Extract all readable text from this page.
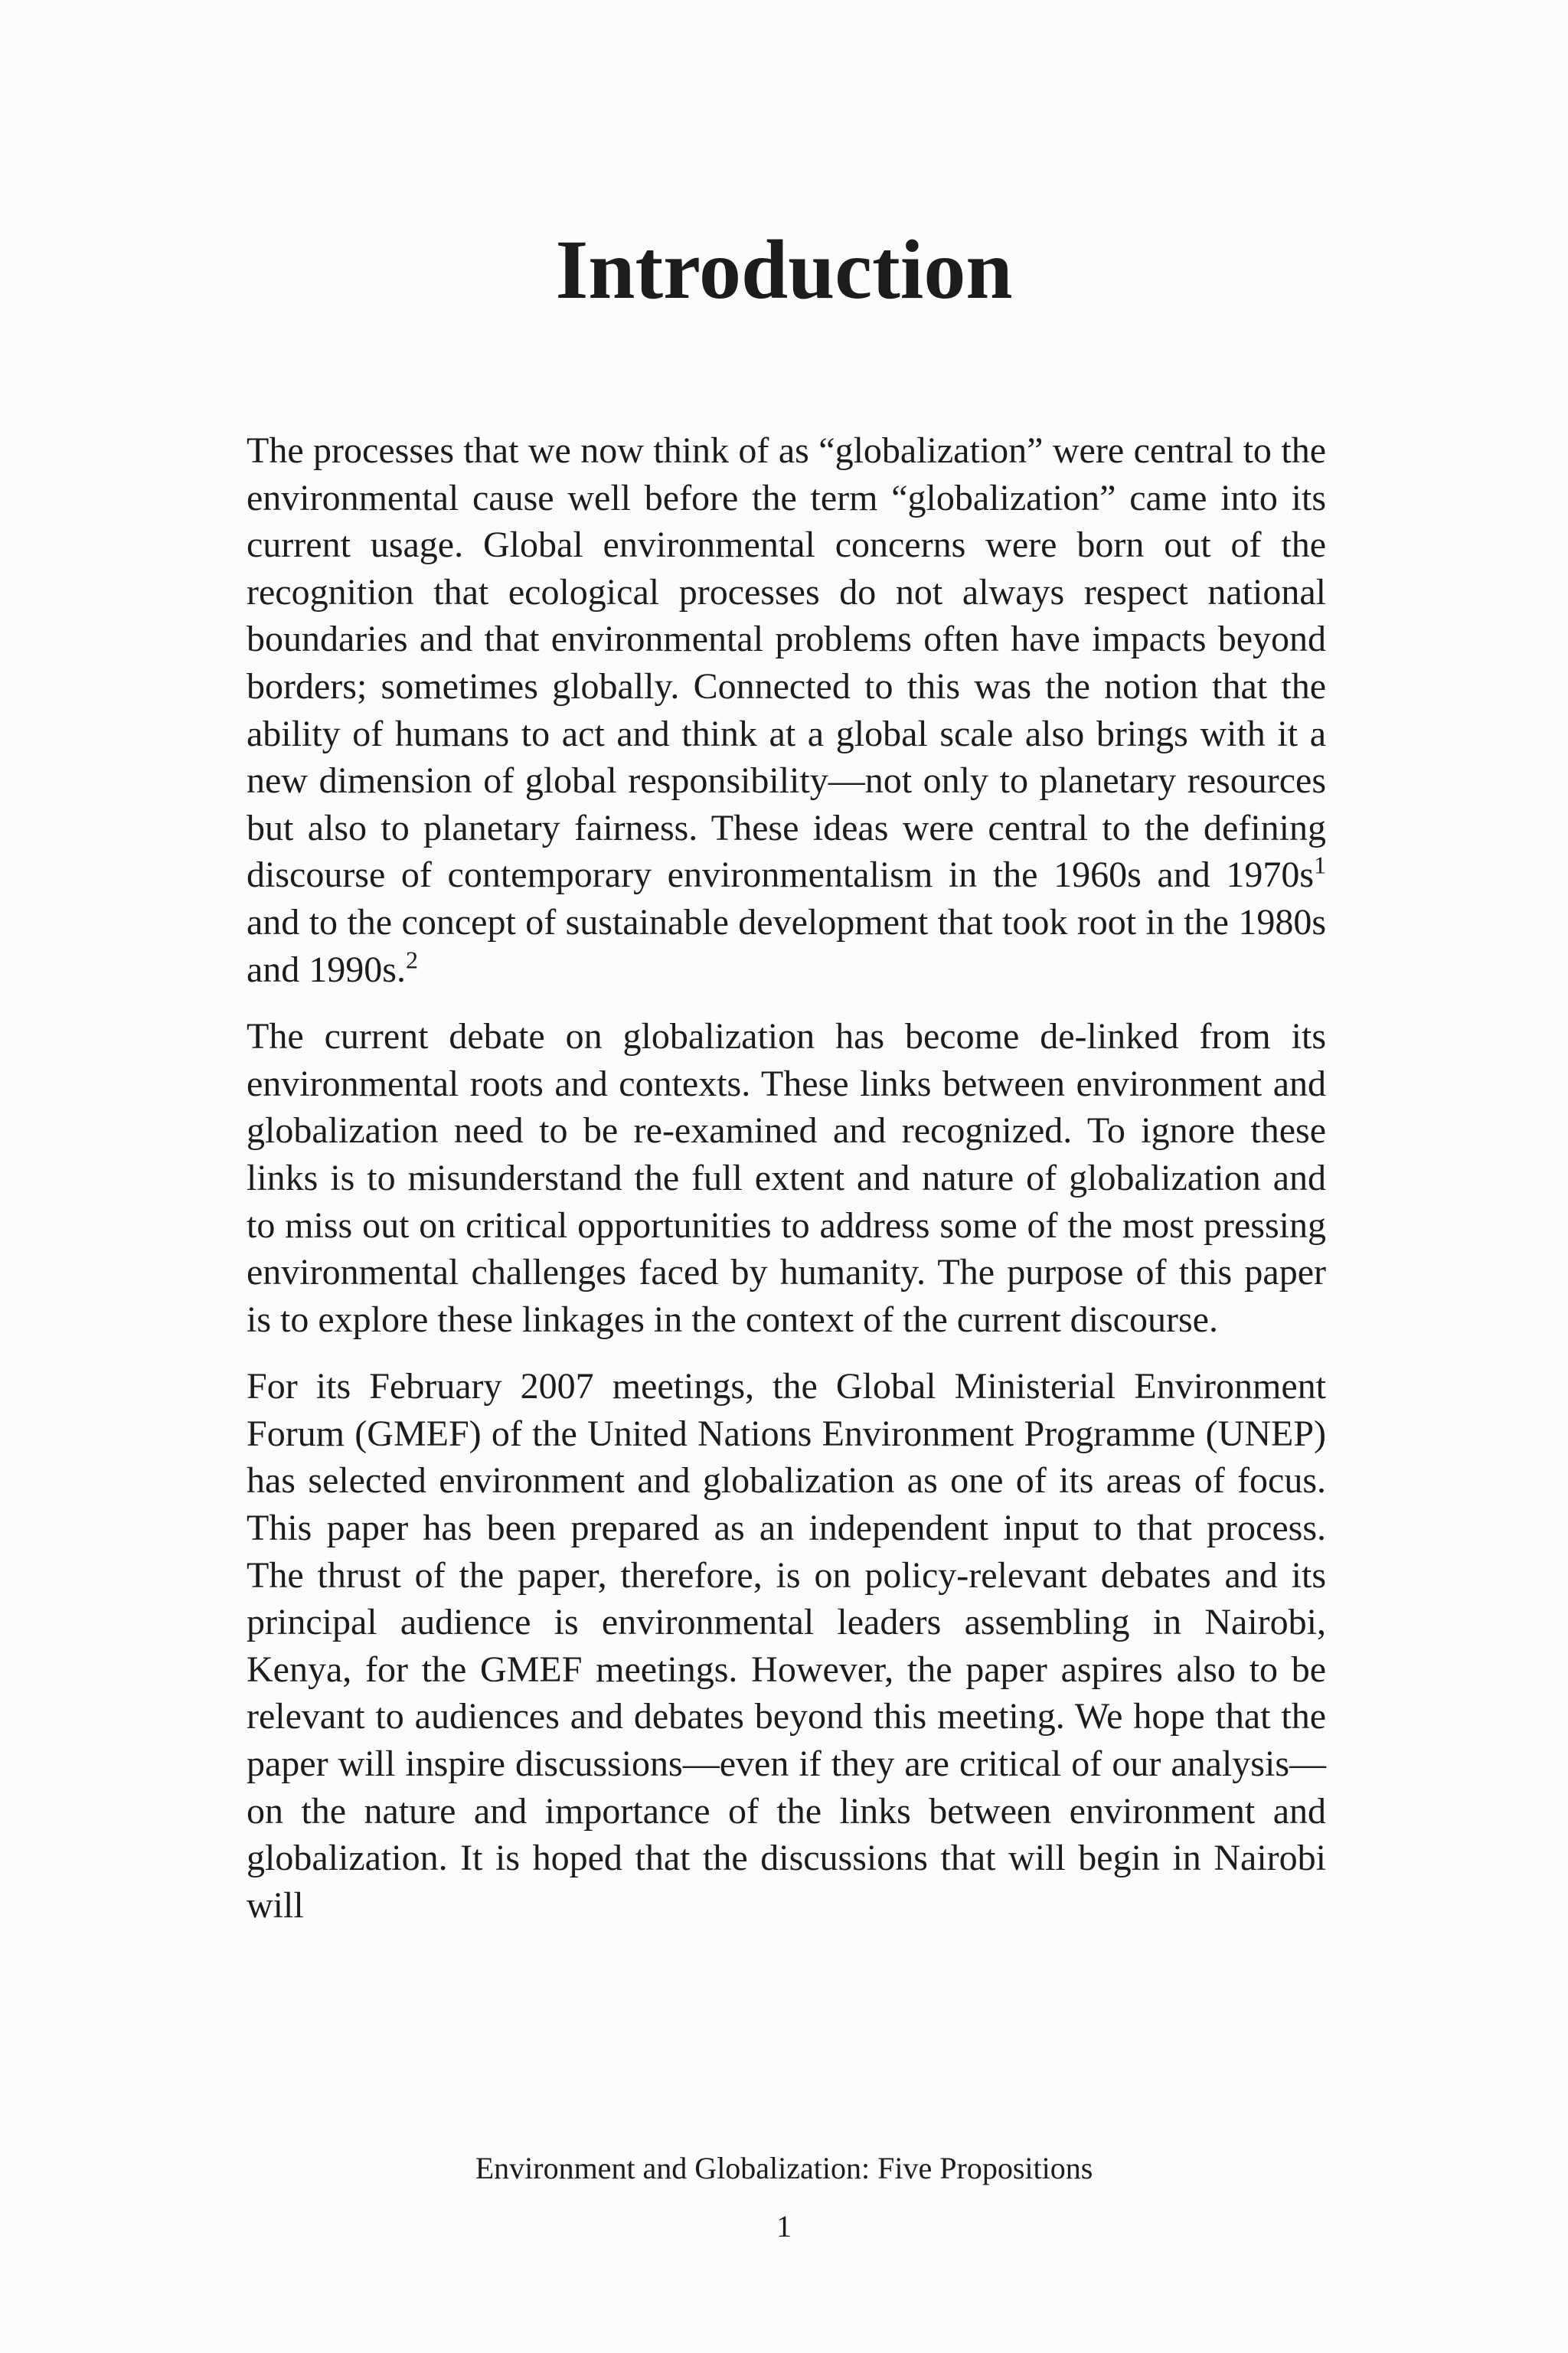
Introduction

The processes that we now think of as “globalization” were central to the environmental cause well before the term “globalization” came into its current usage. Global environmental concerns were born out of the recognition that ecological processes do not always respect national boundaries and that environmental problems often have impacts beyond borders; sometimes globally. Connected to this was the notion that the ability of humans to act and think at a global scale also brings with it a new dimension of global responsibility—not only to planetary resources but also to planetary fairness. These ideas were central to the defining discourse of contemporary environmentalism in the 1960s and $1970s^1$ and to the concept of sustainable development that took root in the 1980s and 1990s.$^2$

The current debate on globalization has become de-linked from its environmental roots and contexts. These links between environment and globalization need to be re-examined and recognized. To ignore these links is to misunderstand the full extent and nature of globalization and to miss out on critical opportunities to address some of the most pressing environmental challenges faced by humanity. The purpose of this paper is to explore these linkages in the context of the current discourse.

For its February 2007 meetings, the Global Ministerial Environment Forum (GMEF) of the United Nations Environment Programme (UNEP) has selected environment and globalization as one of its areas of focus. This paper has been prepared as an independent input to that process. The thrust of the paper, therefore, is on policy-relevant debates and its principal audience is environmental leaders assembling in Nairobi, Kenya, for the GMEF meetings. However, the paper aspires also to be relevant to audiences and debates beyond this meeting. We hope that the paper will inspire discussions—even if they are critical of our analysis—on the nature and importance of the links between environment and globalization. It is hoped that the discussions that will begin in Nairobi will

Environment and Globalization: Five Propositions
1
